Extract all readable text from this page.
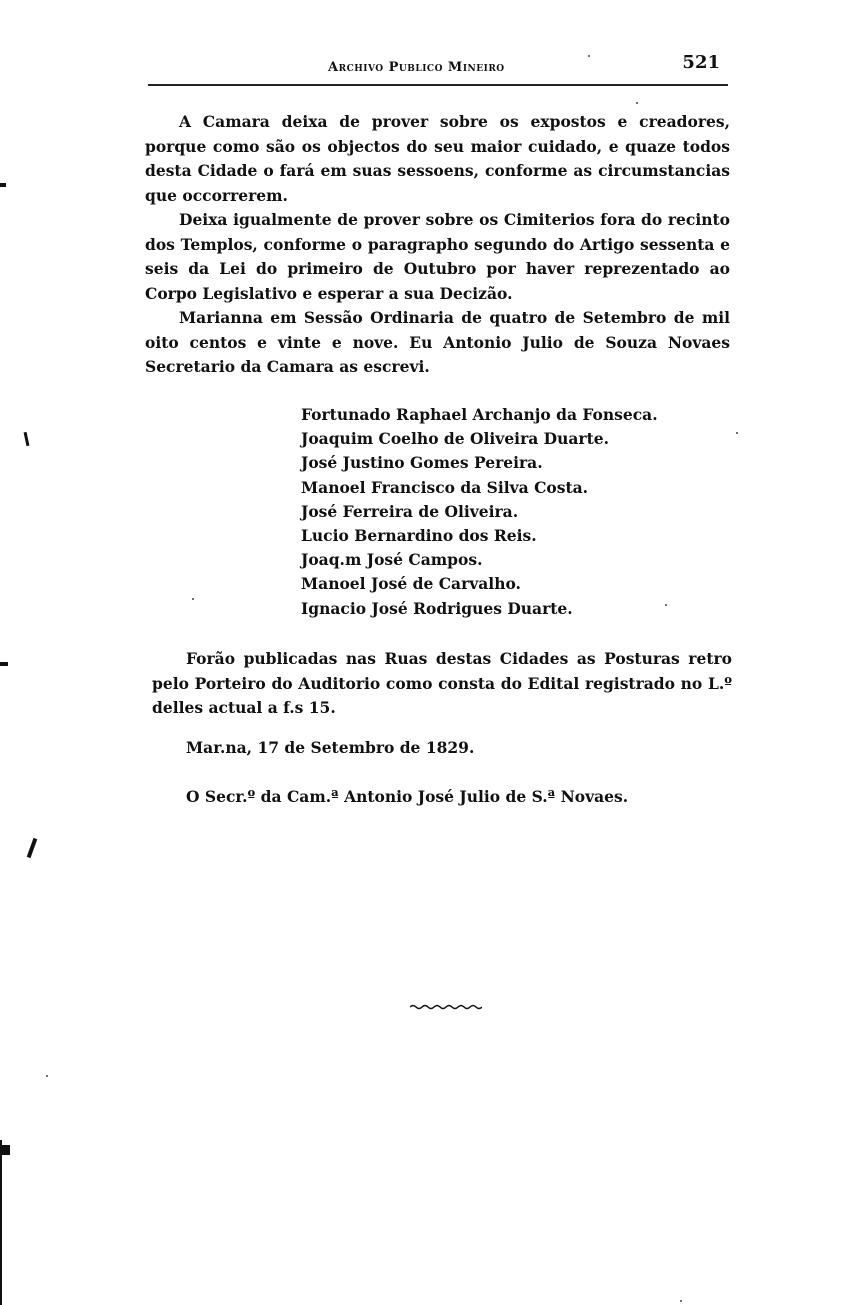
Archivo Publico Mineiro	521

A Camara deixa de prover sobre os expostos e creadores, porque como são os objectos do seu maior cuidado, e quaze todos desta Cidade o fará em suas sessoens, conforme as circumstancias que occorrerem.

Deixa igualmente de prover sobre os Cimiterios fora do recinto dos Templos, conforme o paragrapho segundo do Artigo sessenta e seis da Lei do primeiro de Outubro por haver reprezentado ao Corpo Legislativo e esperar a sua Decizão.

Marianna em Sessão Ordinaria de quatro de Setembro de mil oito centos e vinte e nove. Eu Antonio Julio de Souza Novaes Secretario da Camara as escrevi.

Fortunado Raphael Archanjo da Fonseca.
Joaquim Coelho de Oliveira Duarte.
José Justino Gomes Pereira.
Manoel Francisco da Silva Costa.
José Ferreira de Oliveira.
Lucio Bernardino dos Reis.
Joaq.m José Campos.
Manoel José de Carvalho.
Ignacio José Rodrigues Duarte.

Forão publicadas nas Ruas destas Cidades as Posturas retro pelo Porteiro do Auditorio como consta do Edital registrado no L.º delles actual a f.s 15.

Mar.na, 17 de Setembro de 1829.
O Secr.º da Cam.ª Antonio José Julio de S.ª Novaes.
